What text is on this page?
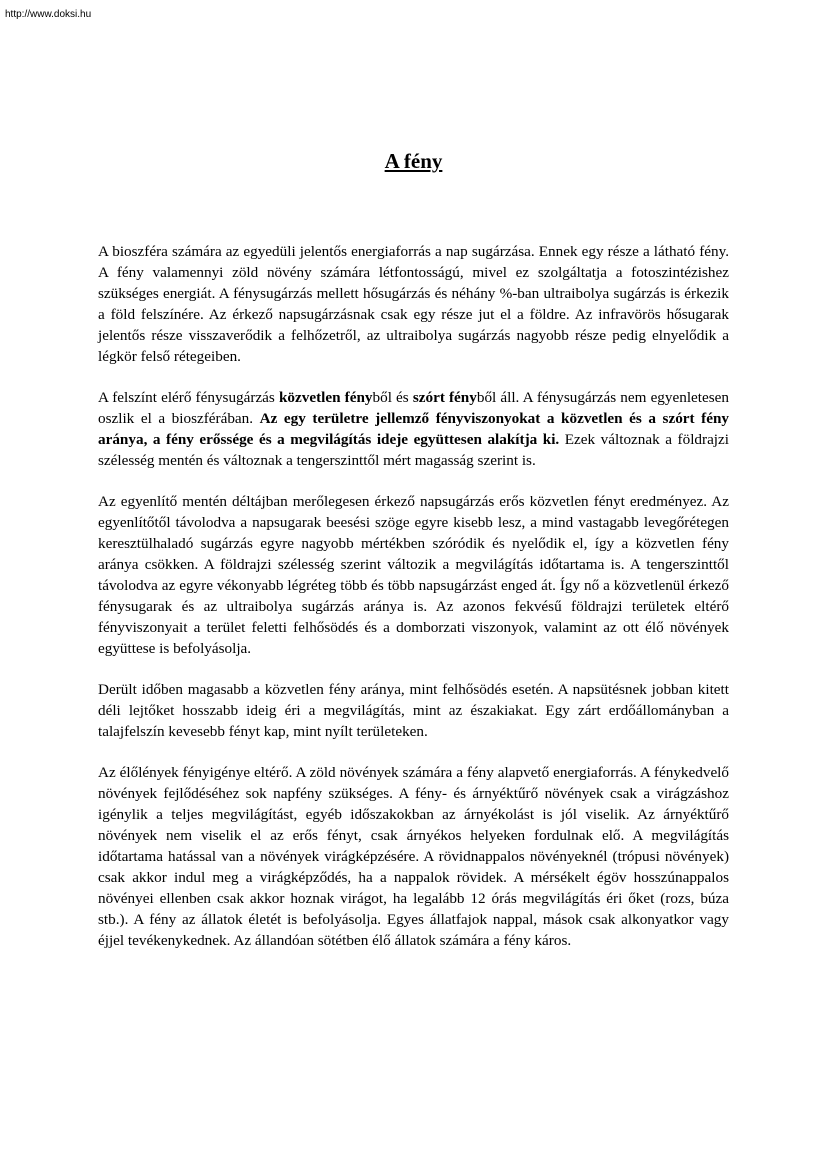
http://www.doksi.hu
A fény

A bioszféra számára az egyedüli jelentős energiaforrás a nap sugárzása. Ennek egy része a látható fény. A fény valamennyi zöld növény számára létfontosságú, mivel ez szolgáltatja a fotoszintézishez szükséges energiát. A fénysugárzás mellett hősugárzás és néhány %-ban ultraibolya sugárzás is érkezik a föld felszínére. Az érkező napsugárzásnak csak egy része jut el a földre. Az infravörös hősugarak jelentős része visszaverődik a felhőzetről, az ultraibolya sugárzás nagyobb része pedig elnyelődik a légkör felső rétegeiben.

A felszínt elérő fénysugárzás közvetlen fényből és szórt fényből áll. A fénysugárzás nem egyenletesen oszlik el a bioszférában. Az egy területre jellemző fényviszonyokat a közvetlen és a szórt fény aránya, a fény erőssége és a megvilágítás ideje együttesen alakítja ki. Ezek változnak a földrajzi szélesség mentén és változnak a tengerszinttől mért magasság szerint is.

Az egyenlítő mentén déltájban merőlegesen érkező napsugárzás erős közvetlen fényt eredményez. Az egyenlítőtől távolodva a napsugarak beesési szöge egyre kisebb lesz, a mind vastagabb levegőrétegen keresztülhaladó sugárzás egyre nagyobb mértékben szóródik és nyelődik el, így a közvetlen fény aránya csökken. A földrajzi szélesség szerint változik a megvilágítás időtartama is. A tengerszinttől távolodva az egyre vékonyabb légréteg több és több napsugárzást enged át. Így nő a közvetlenül érkező fénysugarak és az ultraibolya sugárzás aránya is. Az azonos fekvésű földrajzi területek eltérő fényviszonyait a terület feletti felhősödés és a domborzati viszonyok, valamint az ott élő növények együttese is befolyásolja.

Derült időben magasabb a közvetlen fény aránya, mint felhősödés esetén. A napsütésnek jobban kitett déli lejtőket hosszabb ideig éri a megvilágítás, mint az északiakat. Egy zárt erdőállományban a talajfelszín kevesebb fényt kap, mint nyílt területeken.

Az élőlények fényigénye eltérő. A zöld növények számára a fény alapvető energiaforrás. A fénykedvelő növények fejlődéséhez sok napfény szükséges. A fény- és árnyéktűrő növények csak a virágzáshoz igénylik a teljes megvilágítást, egyéb időszakokban az árnyékolást is jól viselik. Az árnyéktűrő növények nem viselik el az erős fényt, csak árnyékos helyeken fordulnak elő. A megvilágítás időtartama hatással van a növények virágképzésére. A rövidnappalos növényeknél (trópusi növények) csak akkor indul meg a virágképződés, ha a nappalok rövidek. A mérsékelt égöv hosszúnappalos növényei ellenben csak akkor hoznak virágot, ha legalább 12 órás megvilágítás éri őket (rozs, búza stb.). A fény az állatok életét is befolyásolja. Egyes állatfajok nappal, mások csak alkonyatkor vagy éjjel tevékenykednek. Az állandóan sötétben élő állatok számára a fény káros.
